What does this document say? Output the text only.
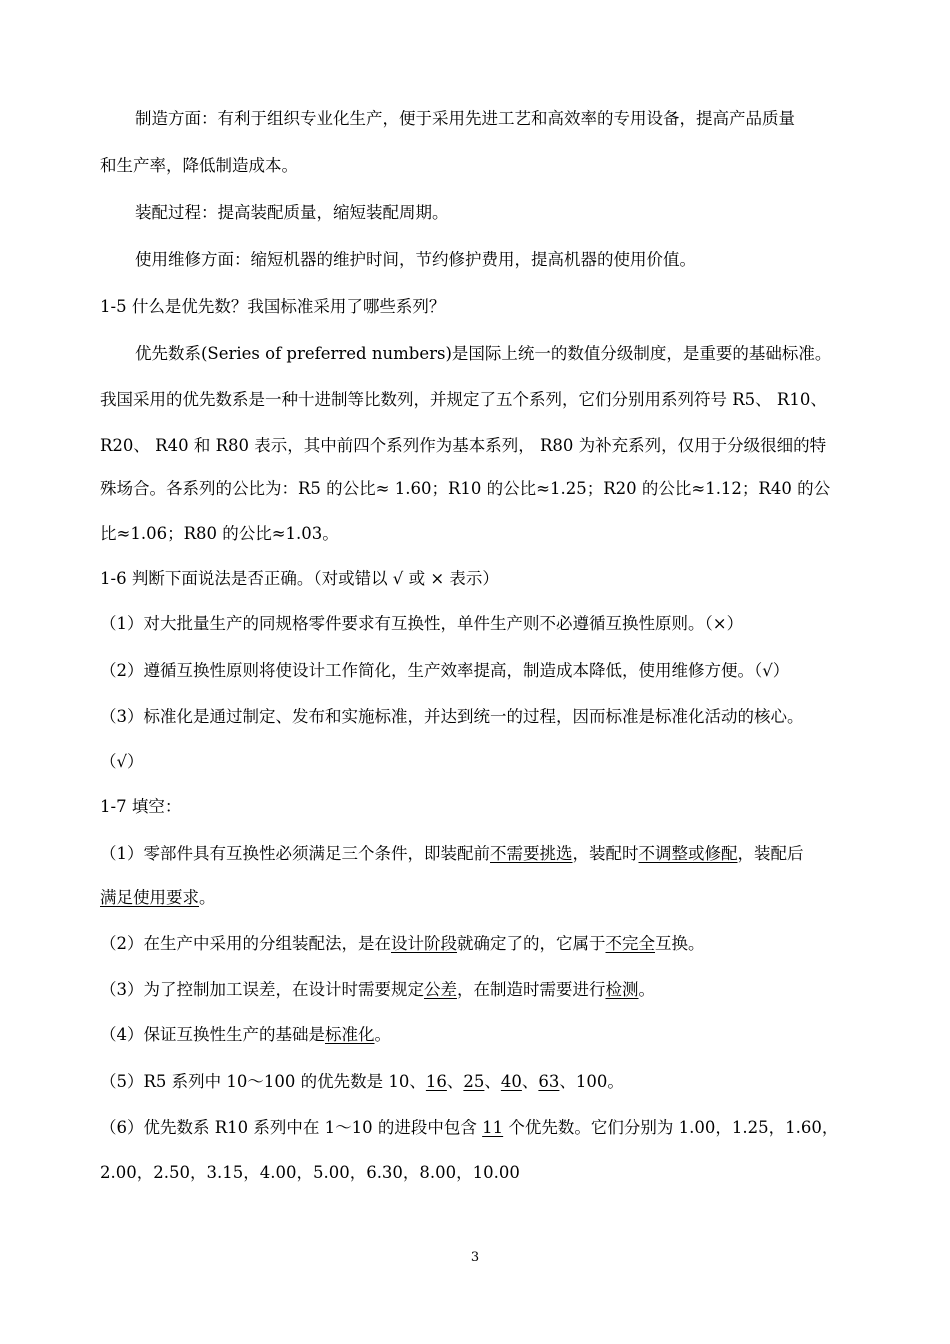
制造方面：有利于组织专业化生产，便于采用先进工艺和高效率的专用设备，提高产品质量
和生产率，降低制造成本。
装配过程：提高装配质量，缩短装配周期。
使用维修方面：缩短机器的维护时间，节约修护费用，提高机器的使用价值。
1-5 什么是优先数？我国标准采用了哪些系列？
优先数系(Series of preferred numbers)是国际上统一的数值分级制度，是重要的基础标准。
我国采用的优先数系是一种十进制等比数列，并规定了五个系列，它们分别用系列符号 R5、 R10、
R20、 R40 和 R80 表示，其中前四个系列作为基本系列， R80 为补充系列，仅用于分级很细的特
殊场合。各系列的公比为：R5 的公比≈ 1.60；R10 的公比≈1.25；R20 的公比≈1.12；R40 的公
比≈1.06；R80 的公比≈1.03。
1-6 判断下面说法是否正确。（对或错以 √ 或 × 表示）
（1）对大批量生产的同规格零件要求有互换性，单件生产则不必遵循互换性原则。（×）
（2）遵循互换性原则将使设计工作简化，生产效率提高，制造成本降低，使用维修方便。（√）
（3）标准化是通过制定、发布和实施标准，并达到统一的过程，因而标准是标准化活动的核心。
（√）
1-7 填空：
（1）零部件具有互换性必须满足三个条件，即装配前不需要挑选，装配时不调整或修配，装配后
满足使用要求。
（2）在生产中采用的分组装配法，是在设计阶段就确定了的，它属于不完全互换。
（3）为了控制加工误差，在设计时需要规定公差，在制造时需要进行检测。
（4）保证互换性生产的基础是标准化。
（5）R5 系列中 10～100 的优先数是 10、16、25、40、63、100。
（6）优先数系 R10 系列中在 1～10 的进段中包含 11 个优先数。它们分别为 1.00，1.25，1.60，
2.00，2.50，3.15，4.00，5.00，6.30，8.00，10.00
3
